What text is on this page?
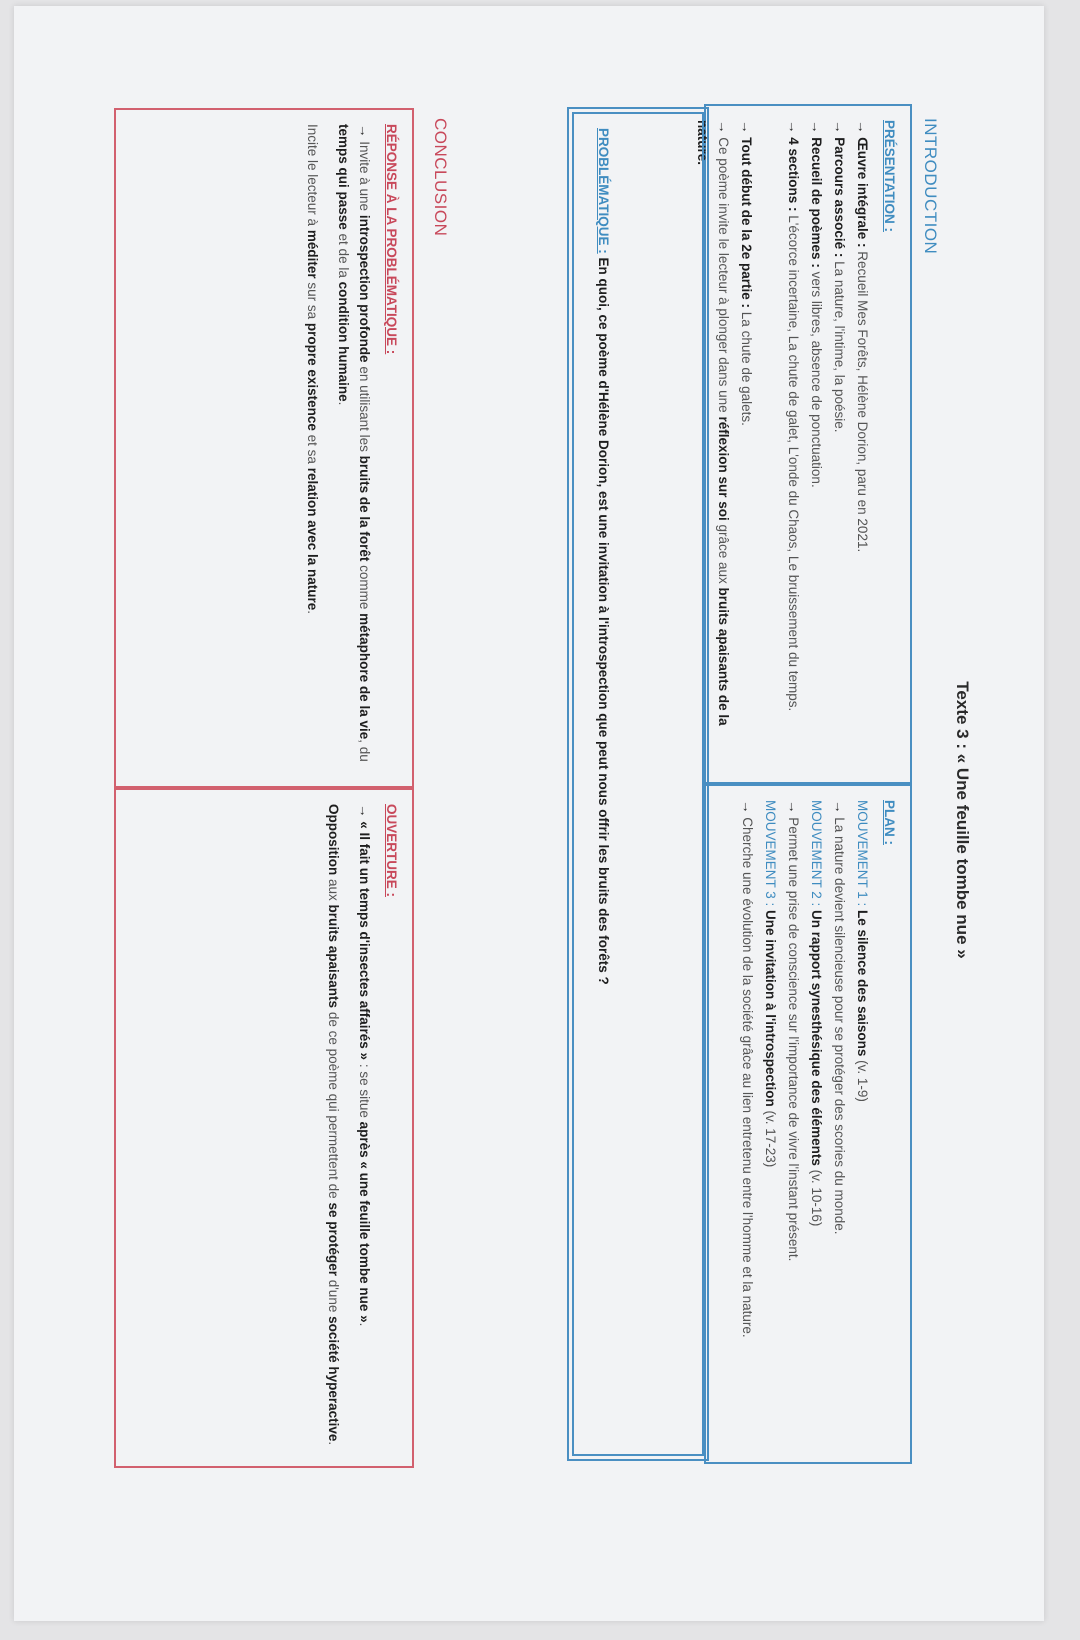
Texte 3 : « Une feuille tombe nue »
INTRODUCTION
PRÉSENTATION :
→ Œuvre intégrale : Recueil Mes Forêts, Hélène Dorion, paru en 2021.
→ Parcours associé : La nature, l'intime, la poésie.
→ Recueil de poèmes : vers libres, absence de ponctuation.
→ 4 sections : L'écorce incertaine, La chute de galet, L'onde du Chaos, Le bruissement du temps.
→ Tout début de la 2e partie : La chute de galets.
→ Ce poème invite le lecteur à plonger dans une réflexion sur soi grâce aux bruits apaisants de la nature.
PLAN :
MOUVEMENT 1 : Le silence des saisons (v. 1-9)
→ La nature devient silencieuse pour se protéger des scories du monde.
MOUVEMENT 2 : Un rapport synesthésique des éléments (v. 10-16)
→ Permet une prise de conscience sur l'importance de vivre l'instant présent.
MOUVEMENT 3 : Une invitation à l'introspection (v. 17-23)
→ Cherche une évolution de la société grâce au lien entretenu entre l'homme et la nature.
PROBLÉMATIQUE : En quoi, ce poème d'Hélène Dorion, est une invitation à l'introspection que peut nous offrir les bruits des forêts ?
CONCLUSION
RÉPONSE À LA PROBLÉMATIQUE :
→ Invite à une introspection profonde en utilisant les bruits de la forêt comme métaphore de la vie, du temps qui passe et de la condition humaine.
Incite le lecteur à méditer sur sa propre existence et sa relation avec la nature.
OUVERTURE :
→ « Il fait un temps d'insectes affairés » : se situe après « une feuille tombe nue ».
Opposition aux bruits apaisants de ce poème qui permettent de se protéger d'une société hyperactive.
